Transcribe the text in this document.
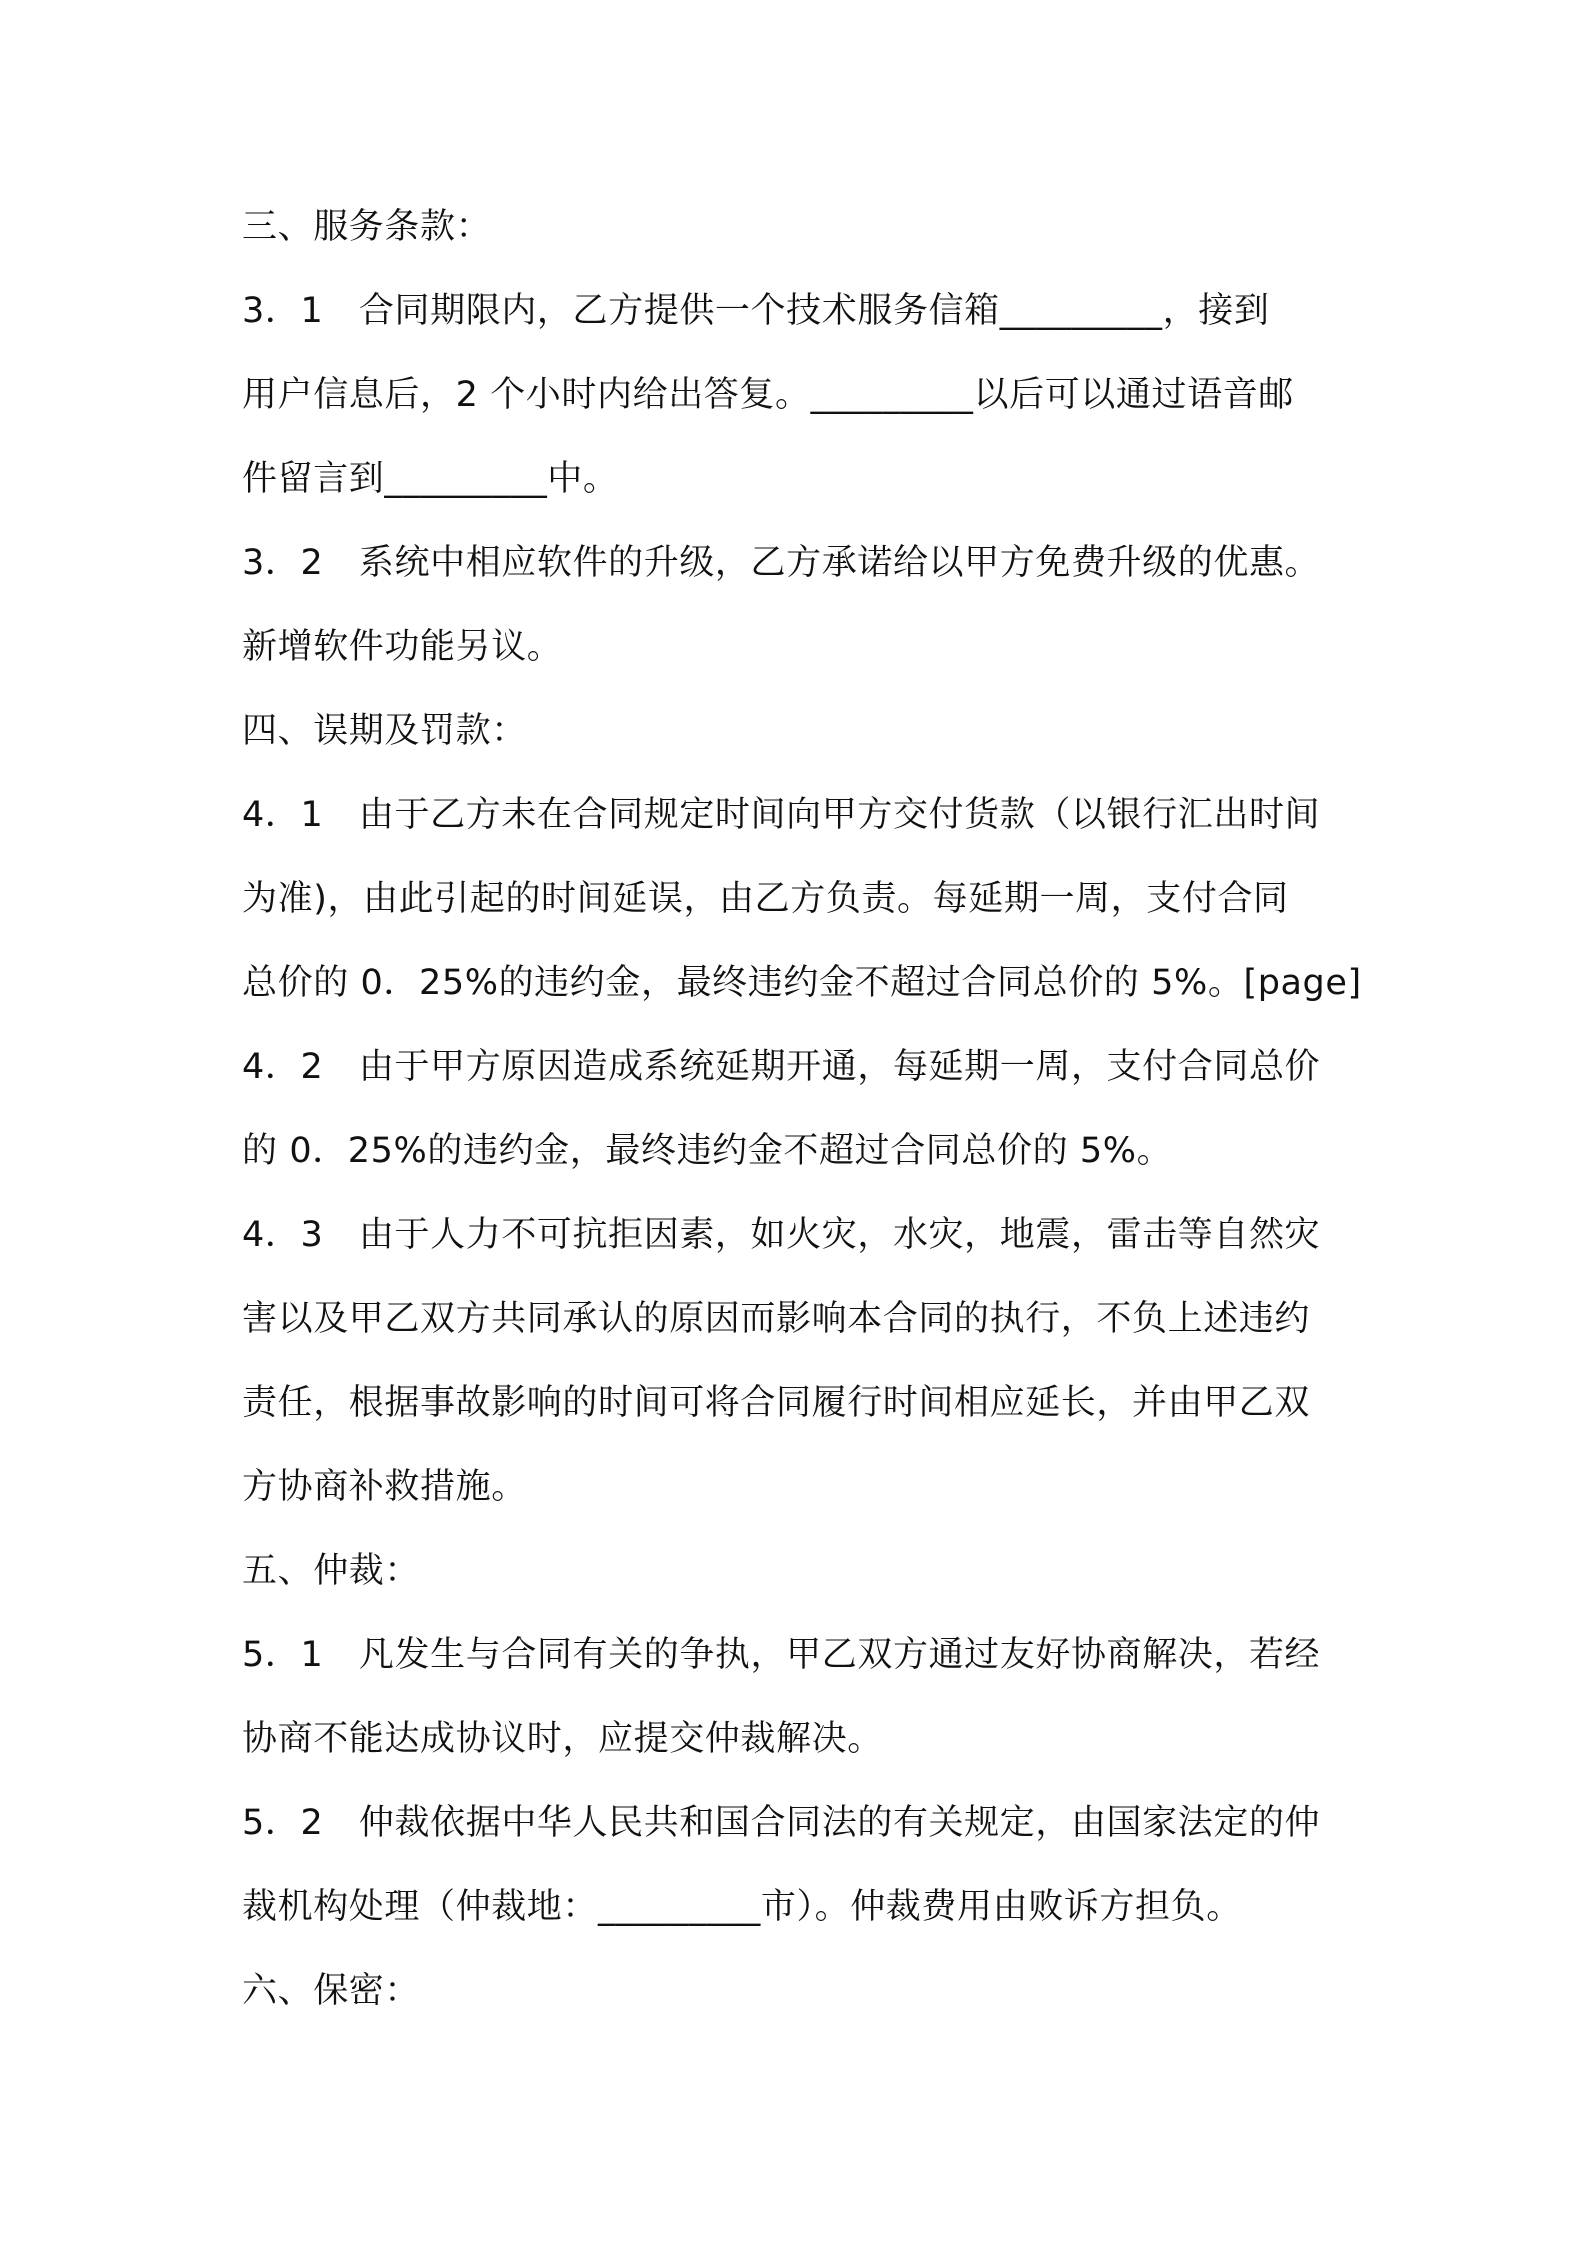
三、服务条款：
3．1　合同期限内，乙方提供一个技术服务信箱_________，接到
用户信息后，2 个小时内给出答复。_________以后可以通过语音邮
件留言到_________中。
3．2　系统中相应软件的升级，乙方承诺给以甲方免费升级的优惠。
新增软件功能另议。
四、误期及罚款：
4．1　由于乙方未在合同规定时间向甲方交付货款（以银行汇出时间
为准)，由此引起的时间延误，由乙方负责。每延期一周，支付合同
总价的 0．25%的违约金，最终违约金不超过合同总价的 5%。[page]
4．2　由于甲方原因造成系统延期开通，每延期一周，支付合同总价
的 0．25%的违约金，最终违约金不超过合同总价的 5%。
4．3　由于人力不可抗拒因素，如火灾，水灾，地震，雷击等自然灾
害以及甲乙双方共同承认的原因而影响本合同的执行，不负上述违约
责任，根据事故影响的时间可将合同履行时间相应延长，并由甲乙双
方协商补救措施。
五、仲裁：
5．1　凡发生与合同有关的争执，甲乙双方通过友好协商解决，若经
协商不能达成协议时，应提交仲裁解决。
5．2　仲裁依据中华人民共和国合同法的有关规定，由国家法定的仲
裁机构处理（仲裁地：_________市）。仲裁费用由败诉方担负。
六、保密：
